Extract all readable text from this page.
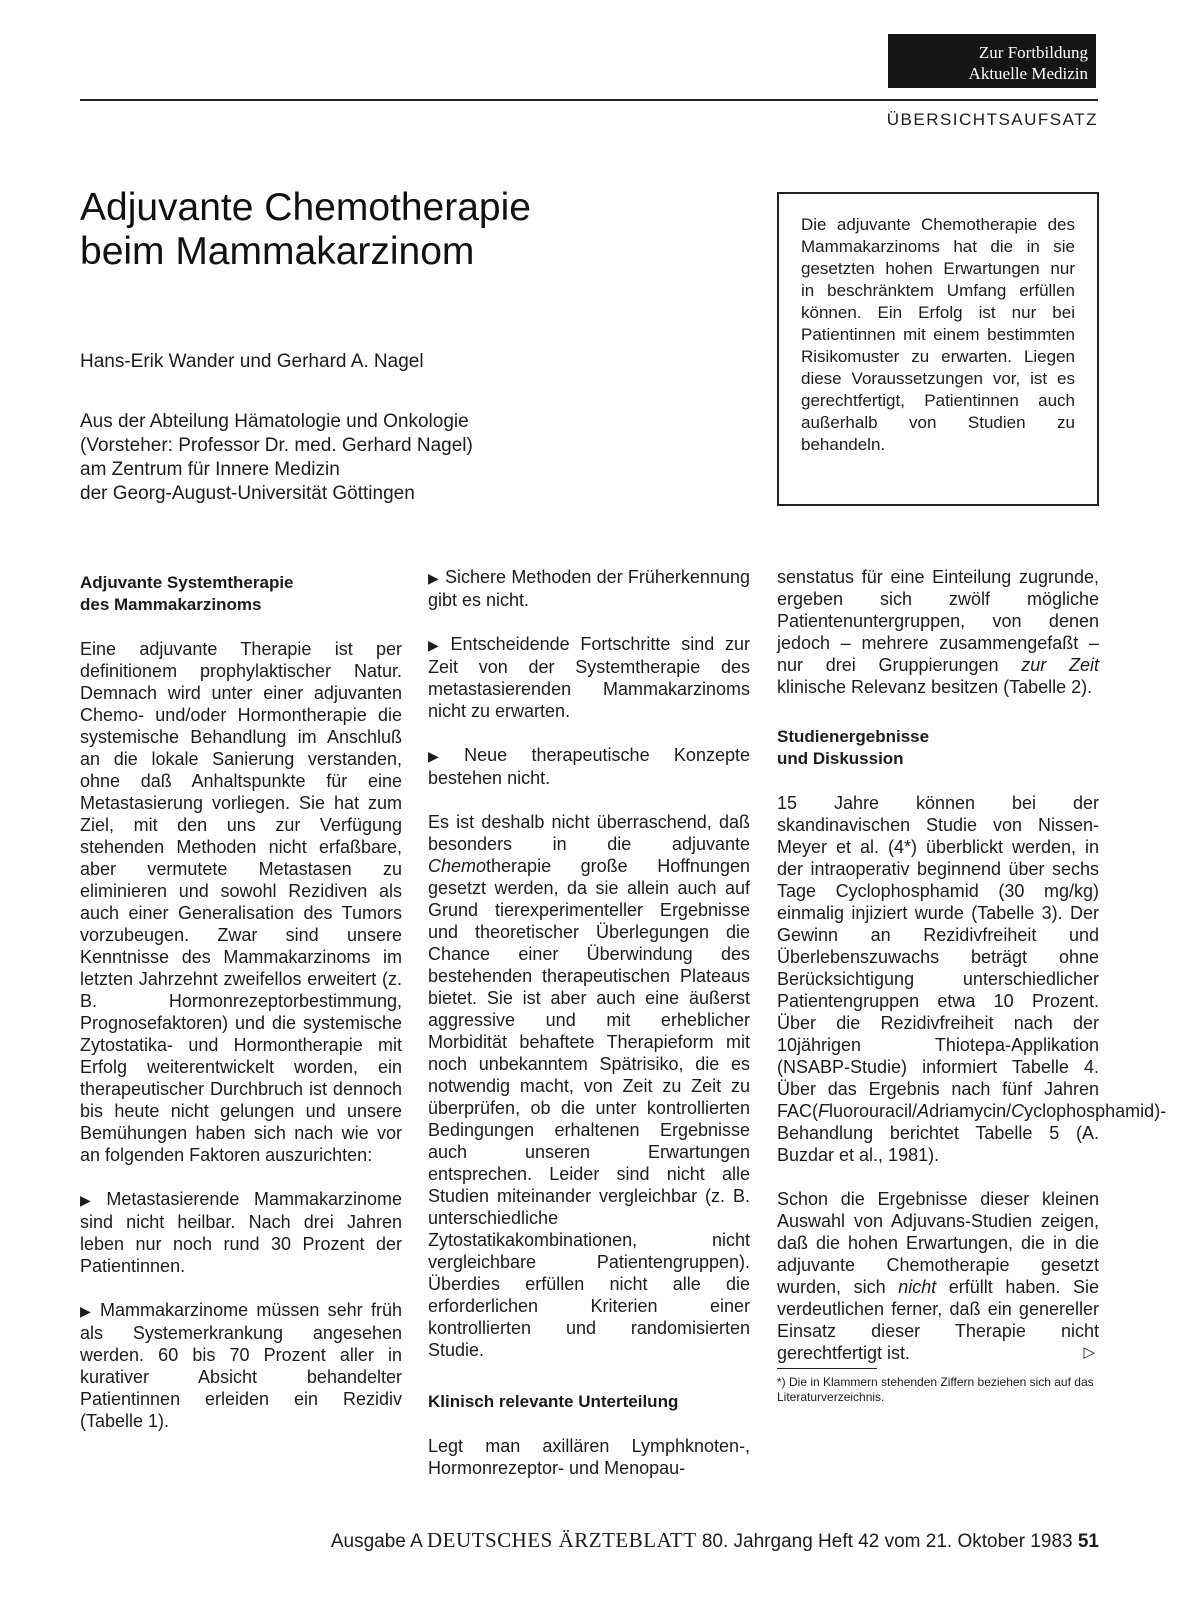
Zur Fortbildung
Aktuelle Medizin
ÜBERSICHTSAUFSATZ
Adjuvante Chemotherapie
beim Mammakarzinom
Hans-Erik Wander und Gerhard A. Nagel
Aus der Abteilung Hämatologie und Onkologie
(Vorsteher: Professor Dr. med. Gerhard Nagel)
am Zentrum für Innere Medizin
der Georg-August-Universität Göttingen
Die adjuvante Chemotherapie des Mammakarzinoms hat die in sie gesetzten hohen Erwartungen nur in beschränktem Umfang erfüllen können. Ein Erfolg ist nur bei Patientinnen mit einem bestimmten Risikomuster zu erwarten. Liegen diese Voraussetzungen vor, ist es gerechtfertigt, Patientinnen auch außerhalb von Studien zu behandeln.
Adjuvante Systemtherapie
des Mammakarzinoms

Eine adjuvante Therapie ist per definitionem prophylaktischer Natur. Demnach wird unter einer adjuvanten Chemo- und/oder Hormontherapie die systemische Behandlung im Anschluß an die lokale Sanierung verstanden, ohne daß Anhaltspunkte für eine Metastasierung vorliegen. Sie hat zum Ziel, mit den uns zur Verfügung stehenden Methoden nicht erfaßbare, aber vermutete Metastasen zu eliminieren und sowohl Rezidiven als auch einer Generalisation des Tumors vorzubeugen. Zwar sind unsere Kenntnisse des Mammakarzinoms im letzten Jahrzehnt zweifellos erweitert (z. B. Hormonrezeptorbestimmung, Prognosefaktoren) und die systemische Zytostatika- und Hormontherapie mit Erfolg weiterentwickelt worden, ein therapeutischer Durchbruch ist dennoch bis heute nicht gelungen und unsere Bemühungen haben sich nach wie vor an folgenden Faktoren auszurichten:

▶ Metastasierende Mammakarzinome sind nicht heilbar. Nach drei Jahren leben nur noch rund 30 Prozent der Patientinnen.

▶ Mammakarzinome müssen sehr früh als Systemerkrankung angesehen werden. 60 bis 70 Prozent aller in kurativer Absicht behandelter Patientinnen erleiden ein Rezidiv (Tabelle 1).

▶ Sichere Methoden der Früherkennung gibt es nicht.

▶ Entscheidende Fortschritte sind zur Zeit von der Systemtherapie des metastasierenden Mammakarzinoms nicht zu erwarten.

▶ Neue therapeutische Konzepte bestehen nicht.

Es ist deshalb nicht überraschend, daß besonders in die adjuvante Chemotherapie große Hoffnungen gesetzt werden, da sie allein auch auf Grund tierexperimenteller Ergebnisse und theoretischer Überlegungen die Chance einer Überwindung des bestehenden therapeutischen Plateaus bietet. Sie ist aber auch eine äußerst aggressive und mit erheblicher Morbidität behaftete Therapieform mit noch unbekanntem Spätrisiko, die es notwendig macht, von Zeit zu Zeit zu überprüfen, ob die unter kontrollierten Bedingungen erhaltenen Ergebnisse auch unseren Erwartungen entsprechen. Leider sind nicht alle Studien miteinander vergleichbar (z. B. unterschiedliche Zytostatikakombinationen, nicht vergleichbare Patientengruppen). Überdies erfüllen nicht alle die erforderlichen Kriterien einer kontrollierten und randomisierten Studie.

Klinisch relevante Unterteilung

Legt man axillären Lymphknoten-, Hormonrezeptor- und Menopau-

senstatus für eine Einteilung zugrunde, ergeben sich zwölf mögliche Patientenuntergruppen, von denen jedoch – mehrere zusammengefaßt – nur drei Gruppierungen zur Zeit klinische Relevanz besitzen (Tabelle 2).

Studienergebnisse
und Diskussion

15 Jahre können bei der skandinavischen Studie von Nissen-Meyer et al. (4*) überblickt werden, in der intraoperativ beginnend über sechs Tage Cyclophosphamid (30 mg/kg) einmalig injiziert wurde (Tabelle 3). Der Gewinn an Rezidivfreiheit und Überlebenszuwachs beträgt ohne Berücksichtigung unterschiedlicher Patientengruppen etwa 10 Prozent. Über die Rezidivfreiheit nach der 10jährigen Thiotepa-Applikation (NSABP-Studie) informiert Tabelle 4. Über das Ergebnis nach fünf Jahren FAC(Fluorouracil/Adriamycin/Cyclophosphamid)-Behandlung berichtet Tabelle 5 (A. Buzdar et al., 1981).

Schon die Ergebnisse dieser kleinen Auswahl von Adjuvans-Studien zeigen, daß die hohen Erwartungen, die in die adjuvante Chemotherapie gesetzt wurden, sich nicht erfüllt haben. Sie verdeutlichen ferner, daß ein genereller Einsatz dieser Therapie nicht gerechtfertigt ist.	▷

*) Die in Klammern stehenden Ziffern beziehen sich auf das Literaturverzeichnis.
Ausgabe A DEUTSCHES ÄRZTEBLATT 80. Jahrgang Heft 42 vom 21. Oktober 1983 51
